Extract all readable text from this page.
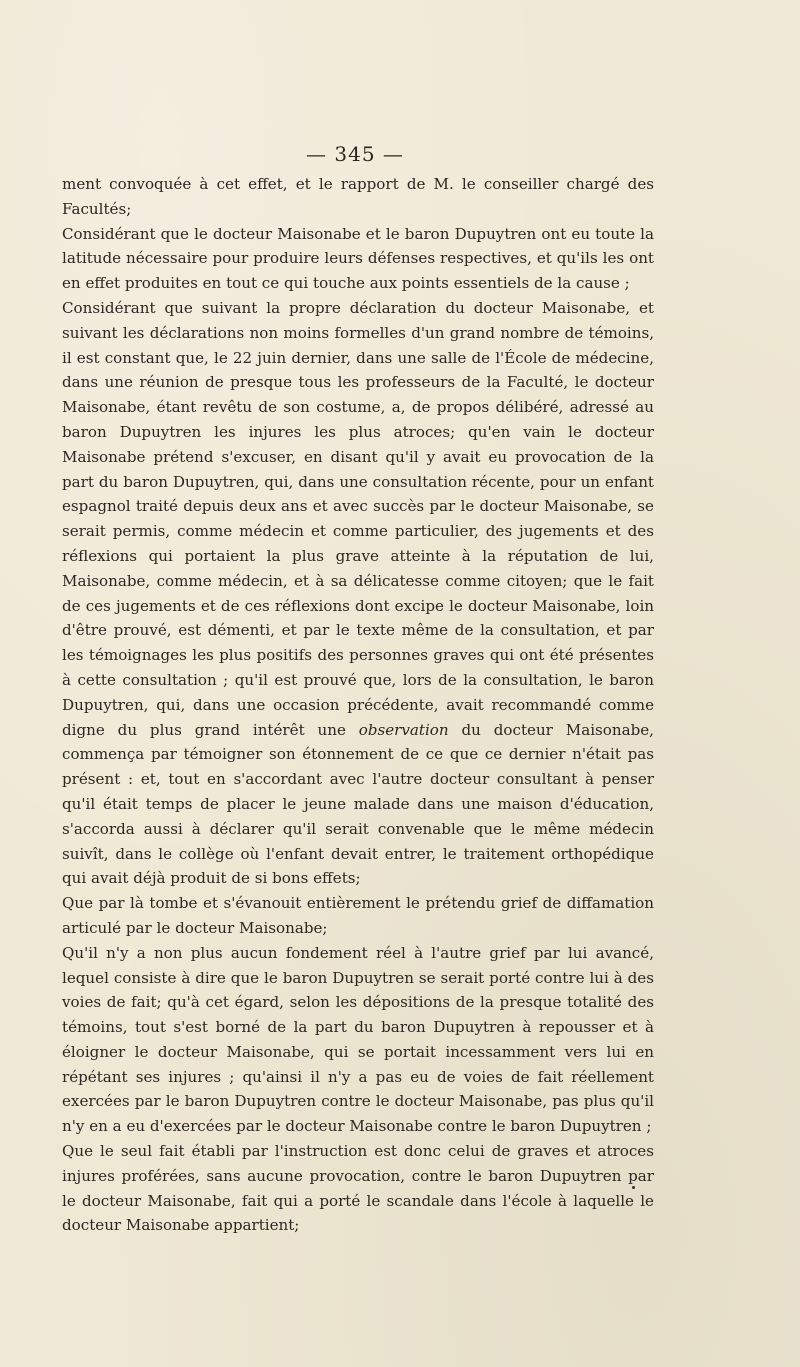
— 345 —

ment convoquée à cet effet, et le rapport de M. le conseiller chargé des Facultés;

Considérant que le docteur Maisonabe et le baron Dupuytren ont eu toute la latitude nécessaire pour produire leurs défenses respectives, et qu'ils les ont en effet produites en tout ce qui touche aux points essentiels de la cause ;

Considérant que suivant la propre déclaration du docteur Maisonabe, et suivant les déclarations non moins formelles d'un grand nombre de témoins, il est constant que, le 22 juin dernier, dans une salle de l'École de médecine, dans une réunion de presque tous les professeurs de la Faculté, le docteur Maisonabe, étant revêtu de son costume, a, de propos délibéré, adressé au baron Dupuytren les injures les plus atroces; qu'en vain le docteur Maisonabe prétend s'excuser, en disant qu'il y avait eu provocation de la part du baron Dupuytren, qui, dans une consultation récente, pour un enfant espagnol traité depuis deux ans et avec succès par le docteur Maisonabe, se serait permis, comme médecin et comme particulier, des jugements et des réflexions qui portaient la plus grave atteinte à la réputation de lui, Maisonabe, comme médecin, et à sa délicatesse comme citoyen; que le fait de ces jugements et de ces réflexions dont excipe le docteur Maisonabe, loin d'être prouvé, est démenti, et par le texte même de la consultation, et par les témoignages les plus positifs des personnes graves qui ont été présentes à cette consultation ; qu'il est prouvé que, lors de la consultation, le baron Dupuytren, qui, dans une occasion précédente, avait recommandé comme digne du plus grand intérêt une observation du docteur Maisonabe, commença par témoigner son étonnement de ce que ce dernier n'était pas présent : et, tout en s'accordant avec l'autre docteur consultant à penser qu'il était temps de placer le jeune malade dans une maison d'éducation, s'accorda aussi à déclarer qu'il serait convenable que le même médecin suivît, dans le collège où l'enfant devait entrer, le traitement orthopédique qui avait déjà produit de si bons effets;

Que par là tombe et s'évanouit entièrement le prétendu grief de diffamation articulé par le docteur Maisonabe;

Qu'il n'y a non plus aucun fondement réel à l'autre grief par lui avancé, lequel consiste à dire que le baron Dupuytren se serait porté contre lui à des voies de fait; qu'à cet égard, selon les dépositions de la presque totalité des témoins, tout s'est borné de la part du baron Dupuytren à repousser et à éloigner le docteur Maisonabe, qui se portait incessamment vers lui en répétant ses injures ; qu'ainsi il n'y a pas eu de voies de fait réellement exercées par le baron Dupuytren contre le docteur Maisonabe, pas plus qu'il n'y en a eu d'exercées par le docteur Maisonabe contre le baron Dupuytren ;

Que le seul fait établi par l'instruction est donc celui de graves et atroces injures proférées, sans aucune provocation, contre le baron Dupuytren par le docteur Maisonabe, fait qui a porté le scandale dans l'école à laquelle le docteur Maisonabe appartient;
